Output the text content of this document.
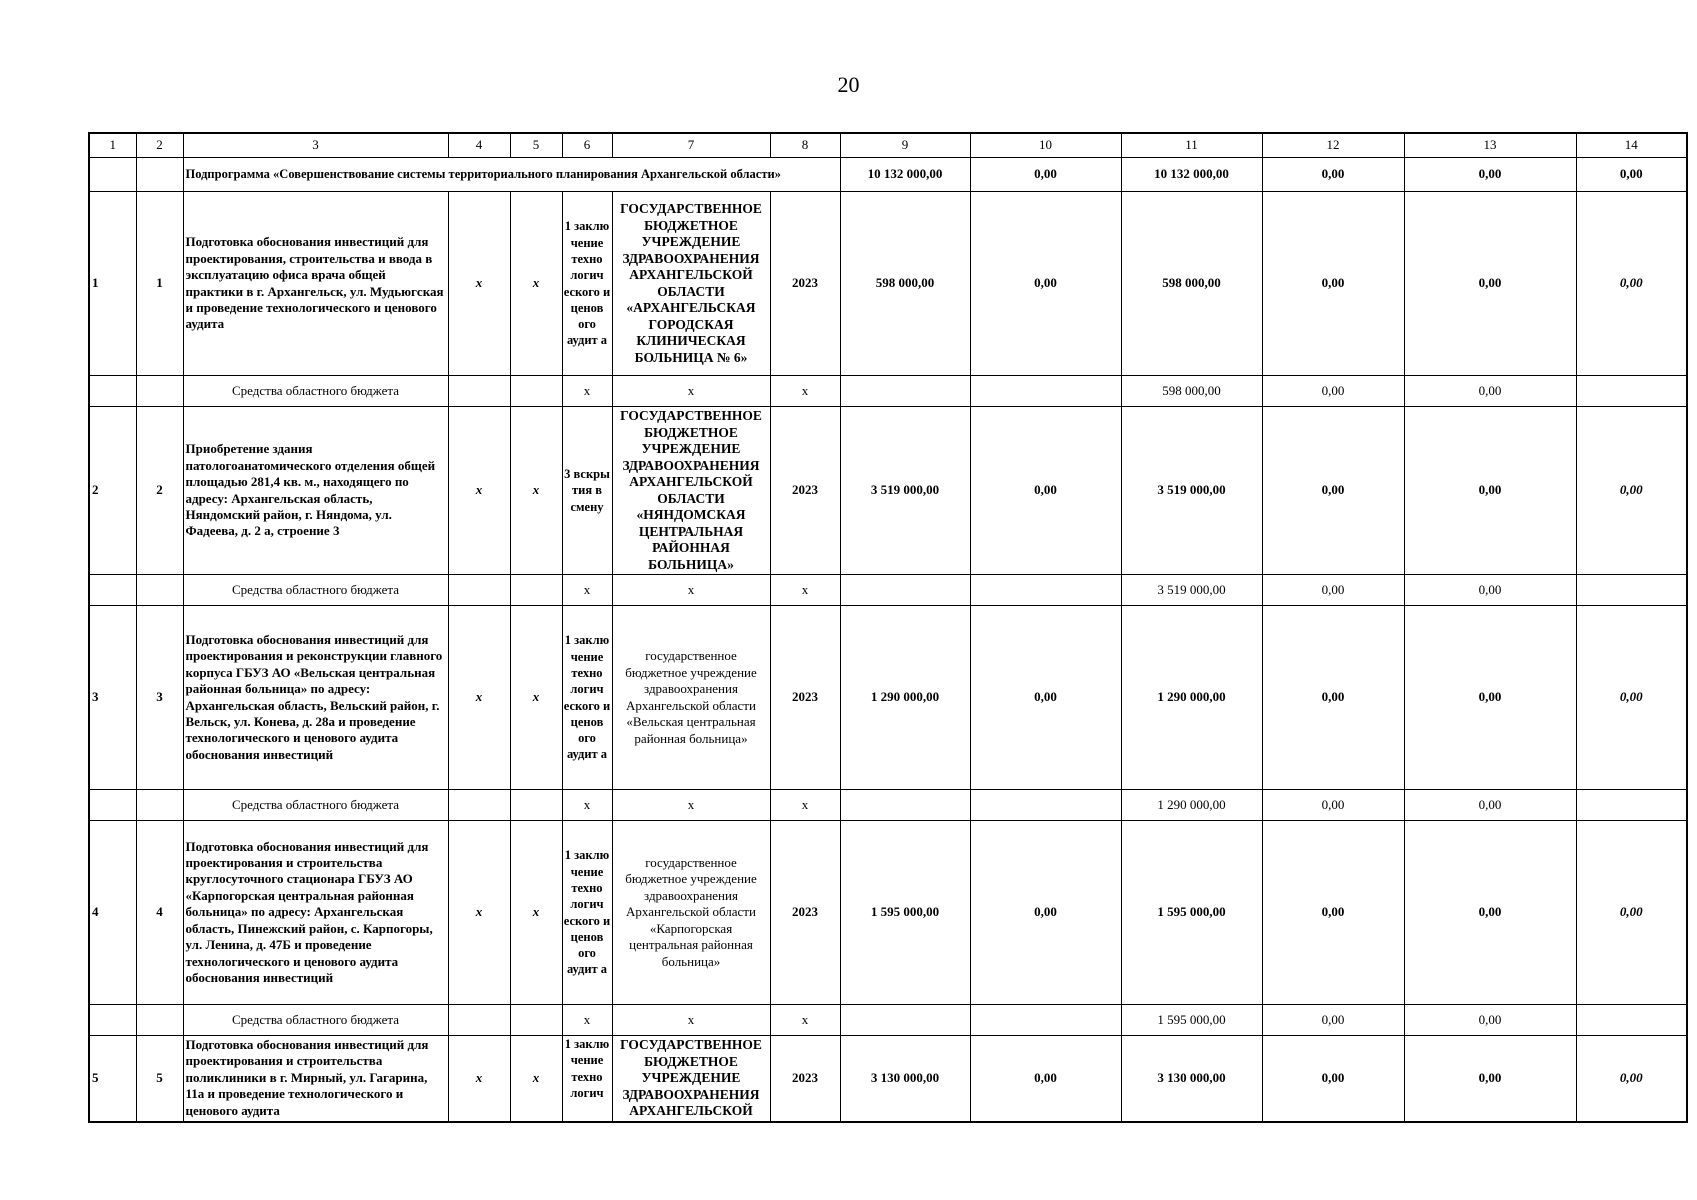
20
1	2	3	4	5	6	7	8	9	10	11	12	13	14

		Подпрограмма «Совершенствование системы территориального планирования Архангельской области»						10 132 000,00	0,00	10 132 000,00	0,00	0,00	0,00
1	1	Подготовка обоснования инвестиций для проектирования, строительства и ввода в эксплуатацию офиса врача общей практики в г. Архангельск, ул. Мудьюгская и проведение технологического и ценового аудита	х	х	1 заклю чение техно логич еского и ценов ого аудит а	ГОСУДАРСТВЕННОЕ БЮДЖЕТНОЕ УЧРЕЖДЕНИЕ ЗДРАВООХРАНЕНИЯ АРХАНГЕЛЬСКОЙ ОБЛАСТИ «АРХАНГЕЛЬСКАЯ ГОРОДСКАЯ КЛИНИЧЕСКАЯ БОЛЬНИЦА № 6»	2023	598 000,00	0,00	598 000,00	0,00	0,00	0,00
		Средства областного бюджета			х	х	х			598 000,00	0,00	0,00	
2	2	Приобретение здания патологоанатомического отделения общей площадью 281,4 кв. м., находящего по адресу: Архангельская область, Няндомский район, г. Няндома, ул. Фадеева, д. 2 а, строение 3	х	х	3 вскры тия в смену	ГОСУДАРСТВЕННОЕ БЮДЖЕТНОЕ УЧРЕЖДЕНИЕ ЗДРАВООХРАНЕНИЯ АРХАНГЕЛЬСКОЙ ОБЛАСТИ «НЯНДОМСКАЯ ЦЕНТРАЛЬНАЯ РАЙОННАЯ БОЛЬНИЦА»	2023	3 519 000,00	0,00	3 519 000,00	0,00	0,00	0,00
		Средства областного бюджета			х	х	х			3 519 000,00	0,00	0,00	
3	3	Подготовка обоснования инвестиций для проектирования и реконструкции главного корпуса ГБУЗ АО «Вельская центральная районная больница» по адресу: Архангельская область, Вельский район, г. Вельск, ул. Конева, д. 28а и проведение технологического и ценового аудита обоснования инвестиций	х	х	1 заклю чение техно логич еского и ценов ого аудит а	государственное бюджетное учреждение здравоохранения Архангельской области «Вельская центральная районная больница»	2023	1 290 000,00	0,00	1 290 000,00	0,00	0,00	0,00
		Средства областного бюджета			х	х	х			1 290 000,00	0,00	0,00	
4	4	Подготовка обоснования инвестиций для проектирования и строительства круглосуточного стационара ГБУЗ АО «Карпогорская центральная районная больница» по адресу: Архангельская область, Пинежский район, с. Карпогоры, ул. Ленина, д. 47Б и проведение технологического и ценового аудита обоснования инвестиций	х	х	1 заклю чение техно логич еского и ценов ого аудит а	государственное бюджетное учреждение здравоохранения Архангельской области «Карпогорская центральная районная больница»	2023	1 595 000,00	0,00	1 595 000,00	0,00	0,00	0,00
		Средства областного бюджета			х	х	х			1 595 000,00	0,00	0,00	
5	5	Подготовка обоснования инвестиций для проектирования и строительства поликлиники в г. Мирный, ул. Гагарина, 11а и проведение технологического и ценового аудита	х	х	1 заклю чение техно логич	ГОСУДАРСТВЕННОЕ БЮДЖЕТНОЕ УЧРЕЖДЕНИЕ ЗДРАВООХРАНЕНИЯ АРХАНГЕЛЬСКОЙ	2023	3 130 000,00	0,00	3 130 000,00	0,00	0,00	0,00
